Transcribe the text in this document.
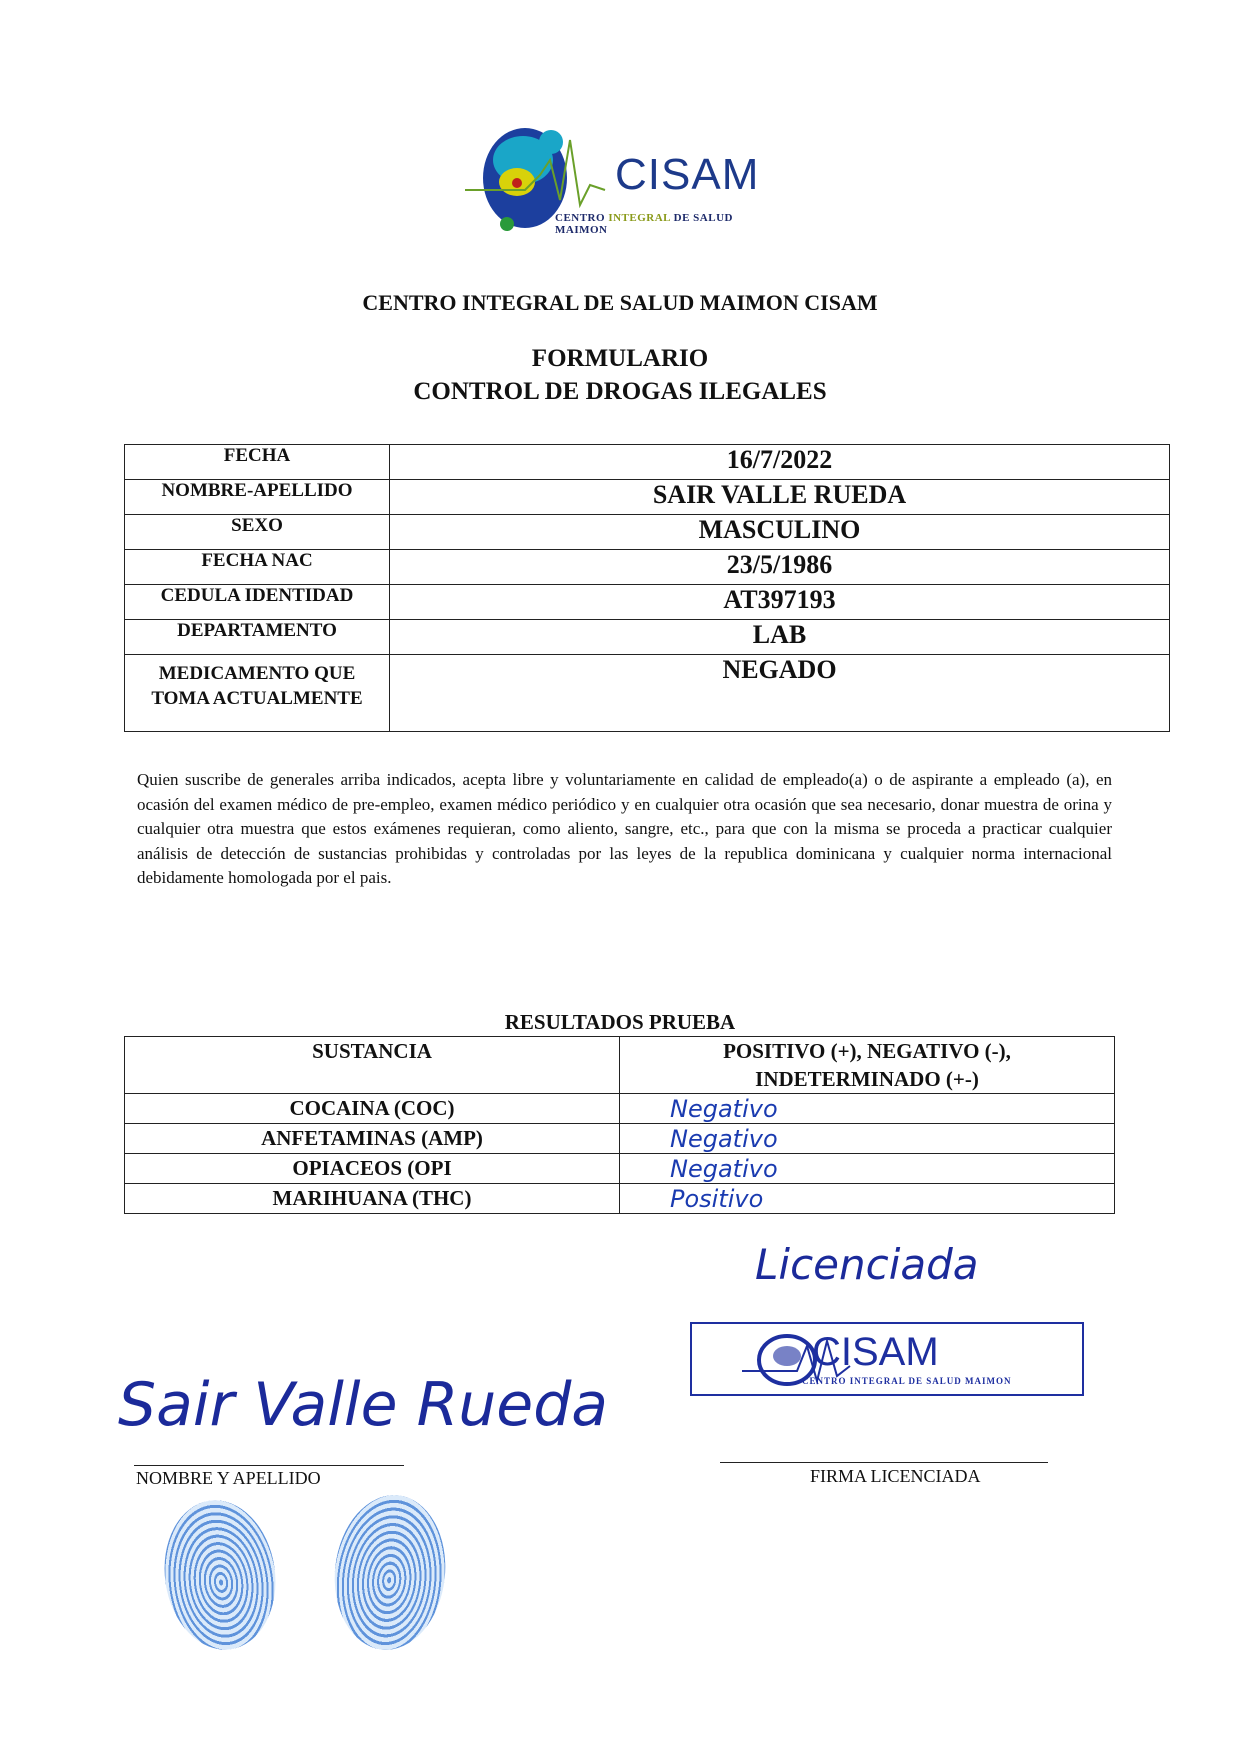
CISAM
CENTRO INTEGRAL DE SALUD MAIMON
CENTRO INTEGRAL DE SALUD MAIMON CISAM
FORMULARIO
CONTROL DE DROGAS ILEGALES
FECHA	16/7/2022
NOMBRE-APELLIDO	SAIR VALLE RUEDA
SEXO	MASCULINO
FECHA NAC	23/5/1986
CEDULA IDENTIDAD	AT397193
DEPARTAMENTO	LAB

MEDICAMENTO QUE
TOMA ACTUALMENTE	NEGADO
Quien suscribe de generales arriba indicados, acepta libre y voluntariamente en calidad de empleado(a) o de aspirante a empleado (a), en ocasión del examen médico de pre-empleo, examen médico periódico y en cualquier otra ocasión que sea necesario, donar muestra de orina y cualquier otra muestra que estos exámenes requieran, como aliento, sangre, etc., para que con la misma se proceda a practicar cualquier análisis de detección de sustancias prohibidas y controladas por las leyes de la republica dominicana y cualquier norma internacional debidamente homologada por el pais.
RESULTADOS PRUEBA
SUSTANCIA	POSITIVO (+), NEGATIVO (-),
INDETERMINADO (+-)

COCAINA (COC)	Negativo
ANFETAMINAS (AMP)	Negativo
OPIACEOS (OPI	Negativo
MARIHUANA (THC)	Positivo
Licenciada
CISAM
CENTRO INTEGRAL DE SALUD MAIMON
Sair Valle Rueda
NOMBRE Y APELLIDO	FIRMA LICENCIADA
